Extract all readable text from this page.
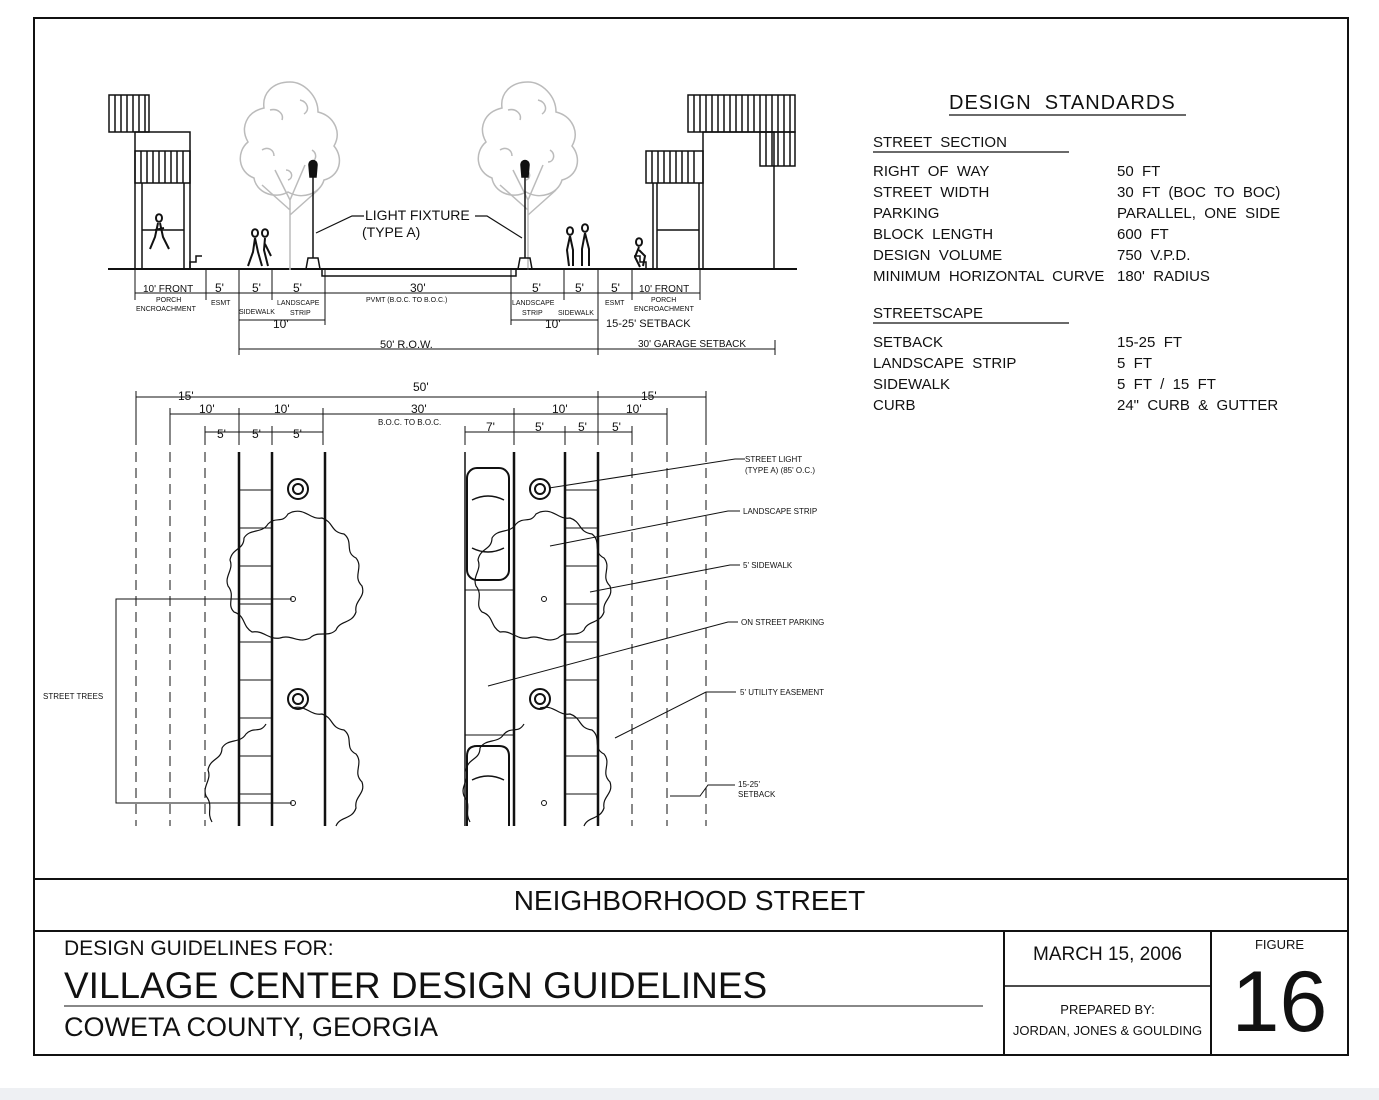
10' FRONT
PORCH
ENCROACHMENT
5'
ESMT
5'	5'
SIDEWALK
LANDSCAPE
STRIP
10'
30'
PVMT (B.O.C. TO B.O.C.)
5'	5'
LANDSCAPE
STRIP SIDEWALK
10'
5'
ESMT
10' FRONT
PORCH
ENCROACHMENT
15-25' SETBACK
50' R.O.W.	30' GARAGE SETBACK
LIGHT FIXTURE
(TYPE A)
50'
15'	15'
10'	10'	30'
B.O.C. TO B.O.C.
10'	10'
5' 5'	5'	7'	5'	5' 5'
STREET TREES
STREET LIGHT
(TYPE A) (85' O.C.)
LANDSCAPE STRIP
5' SIDEWALK
ON STREET PARKING
5' UTILITY EASEMENT
15-25'
SETBACK
DESIGN  STANDARDS
STREET  SECTION
RIGHT  OF  WAY	50  FT
STREET  WIDTH	30  FT  (BOC  TO  BOC)
PARKING	PARALLEL,  ONE  SIDE
BLOCK  LENGTH	600  FT
DESIGN  VOLUME	750  V.P.D.
MINIMUM  HORIZONTAL  CURVE 180'  RADIUS
STREETSCAPE
SETBACK	15-25  FT
LANDSCAPE  STRIP	5  FT
SIDEWALK	5  FT  /  15  FT
CURB	24"  CURB  &  GUTTER
NEIGHBORHOOD STREET
DESIGN GUIDELINES FOR:
VILLAGE CENTER DESIGN GUIDELINES
COWETA COUNTY, GEORGIA
MARCH 15, 2006
PREPARED BY:
JORDAN, JONES & GOULDING
FIGURE
16
